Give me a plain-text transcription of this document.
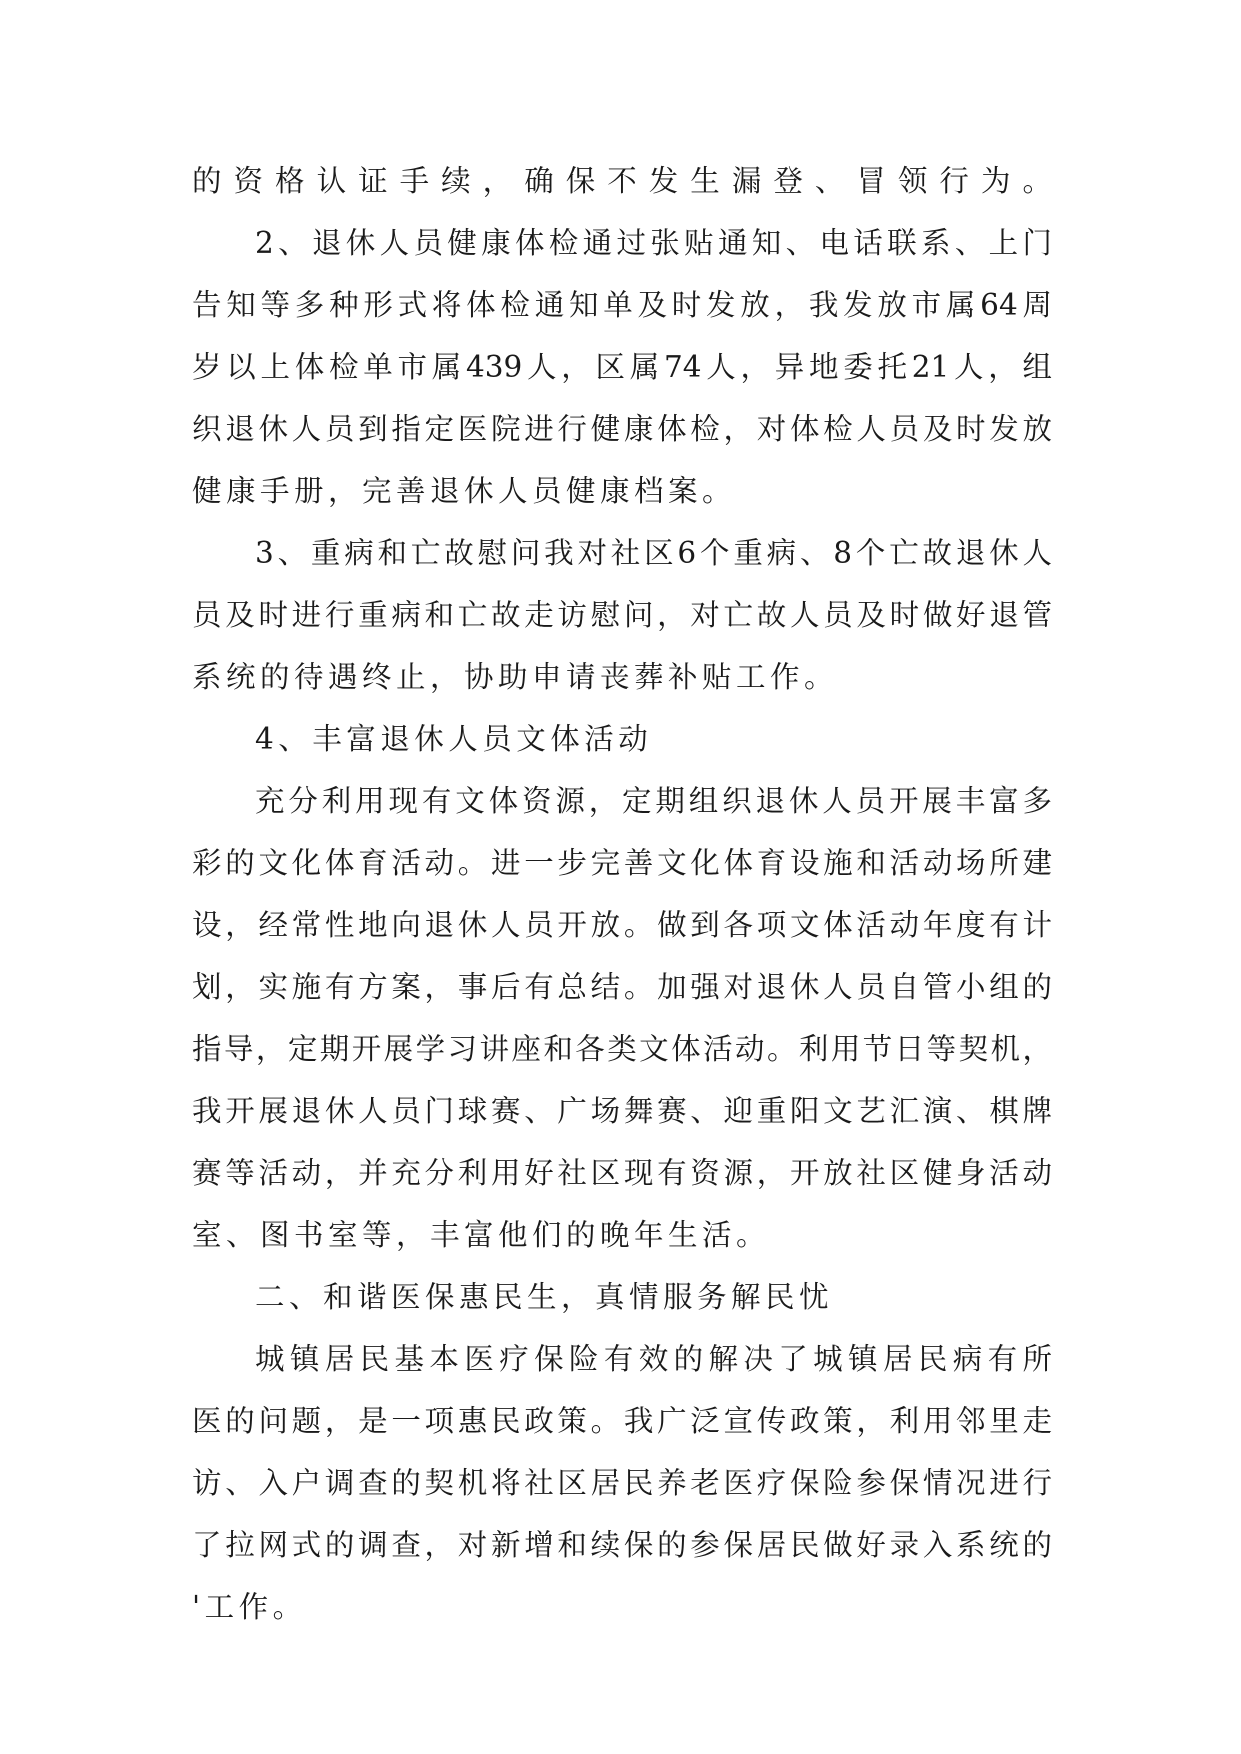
的资格认证手续，确保不发生漏登、冒领行为。
2、退休人员健康体检通过张贴通知、电话联系、上门
告知等多种形式将体检通知单及时发放，我发放市属64周
岁以上体检单市属439人，区属74人，异地委托21人，组
织退休人员到指定医院进行健康体检，对体检人员及时发放
健康手册，完善退休人员健康档案。
3、重病和亡故慰问我对社区6个重病、8个亡故退休人
员及时进行重病和亡故走访慰问，对亡故人员及时做好退管
系统的待遇终止，协助申请丧葬补贴工作。
4、丰富退休人员文体活动
充分利用现有文体资源，定期组织退休人员开展丰富多
彩的文化体育活动。进一步完善文化体育设施和活动场所建
设，经常性地向退休人员开放。做到各项文体活动年度有计
划，实施有方案，事后有总结。加强对退休人员自管小组的
指导，定期开展学习讲座和各类文体活动。利用节日等契机，
我开展退休人员门球赛、广场舞赛、迎重阳文艺汇演、棋牌
赛等活动，并充分利用好社区现有资源，开放社区健身活动
室、图书室等，丰富他们的晚年生活。
二、和谐医保惠民生，真情服务解民忧
城镇居民基本医疗保险有效的解决了城镇居民病有所
医的问题，是一项惠民政策。我广泛宣传政策，利用邻里走
访、入户调查的契机将社区居民养老医疗保险参保情况进行
了拉网式的调查，对新增和续保的参保居民做好录入系统的
'工作。
